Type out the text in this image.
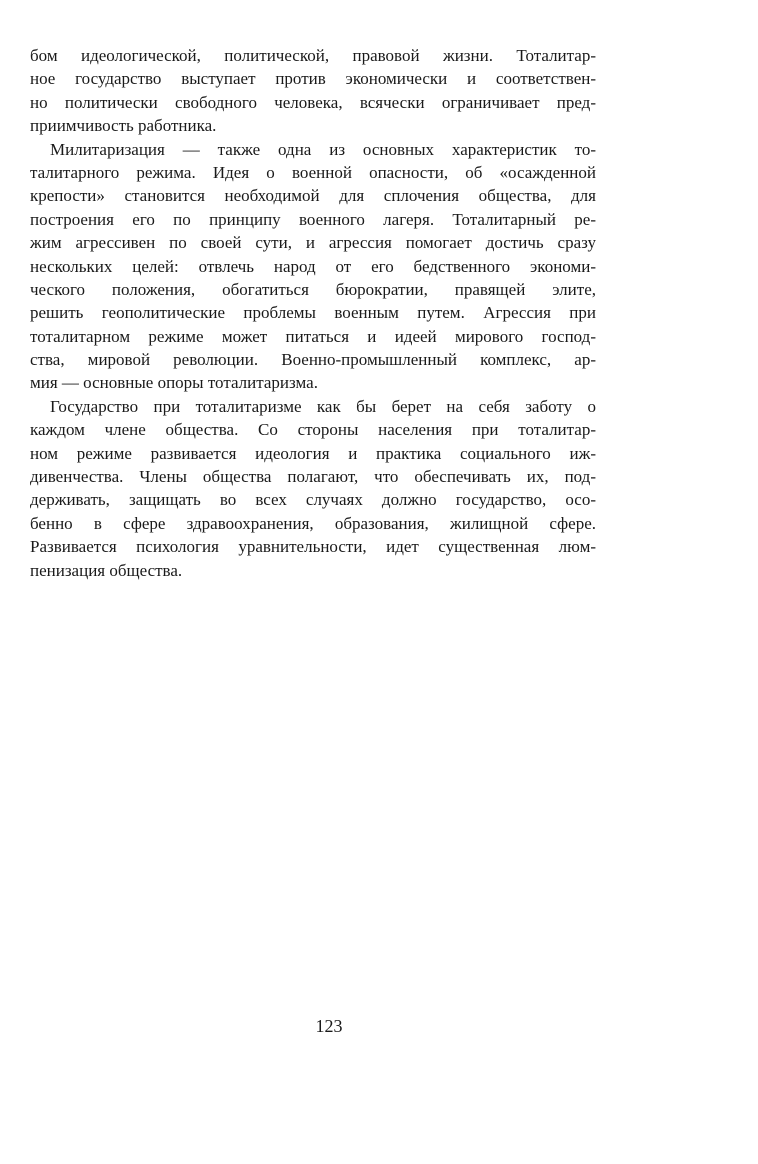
бом идеологической, политической, правовой жизни. Тоталитар-
ное государство выступает против экономически и соответствен-
но политически свободного человека, всячески ограничивает пред-
приимчивость работника.
Милитаризация — также одна из основных характеристик то-
талитарного режима. Идея о военной опасности, об «осажденной
крепости» становится необходимой для сплочения общества, для
построения его по принципу военного лагеря. Тоталитарный ре-
жим агрессивен по своей сути, и агрессия помогает достичь сразу
нескольких целей: отвлечь народ от его бедственного экономи-
ческого положения, обогатиться бюрократии, правящей элите,
решить геополитические проблемы военным путем. Агрессия при
тоталитарном режиме может питаться и идеей мирового господ-
ства, мировой революции. Военно-промышленный комплекс, ар-
мия — основные опоры тоталитаризма.
Государство при тоталитаризме как бы берет на себя заботу о
каждом члене общества. Со стороны населения при тоталитар-
ном режиме развивается идеология и практика социального иж-
дивенчества. Члены общества полагают, что обеспечивать их, под-
держивать, защищать во всех случаях должно государство, осо-
бенно в сфере здравоохранения, образования, жилищной сфере.
Развивается психология уравнительности, идет существенная люм-
пенизация общества.
123
